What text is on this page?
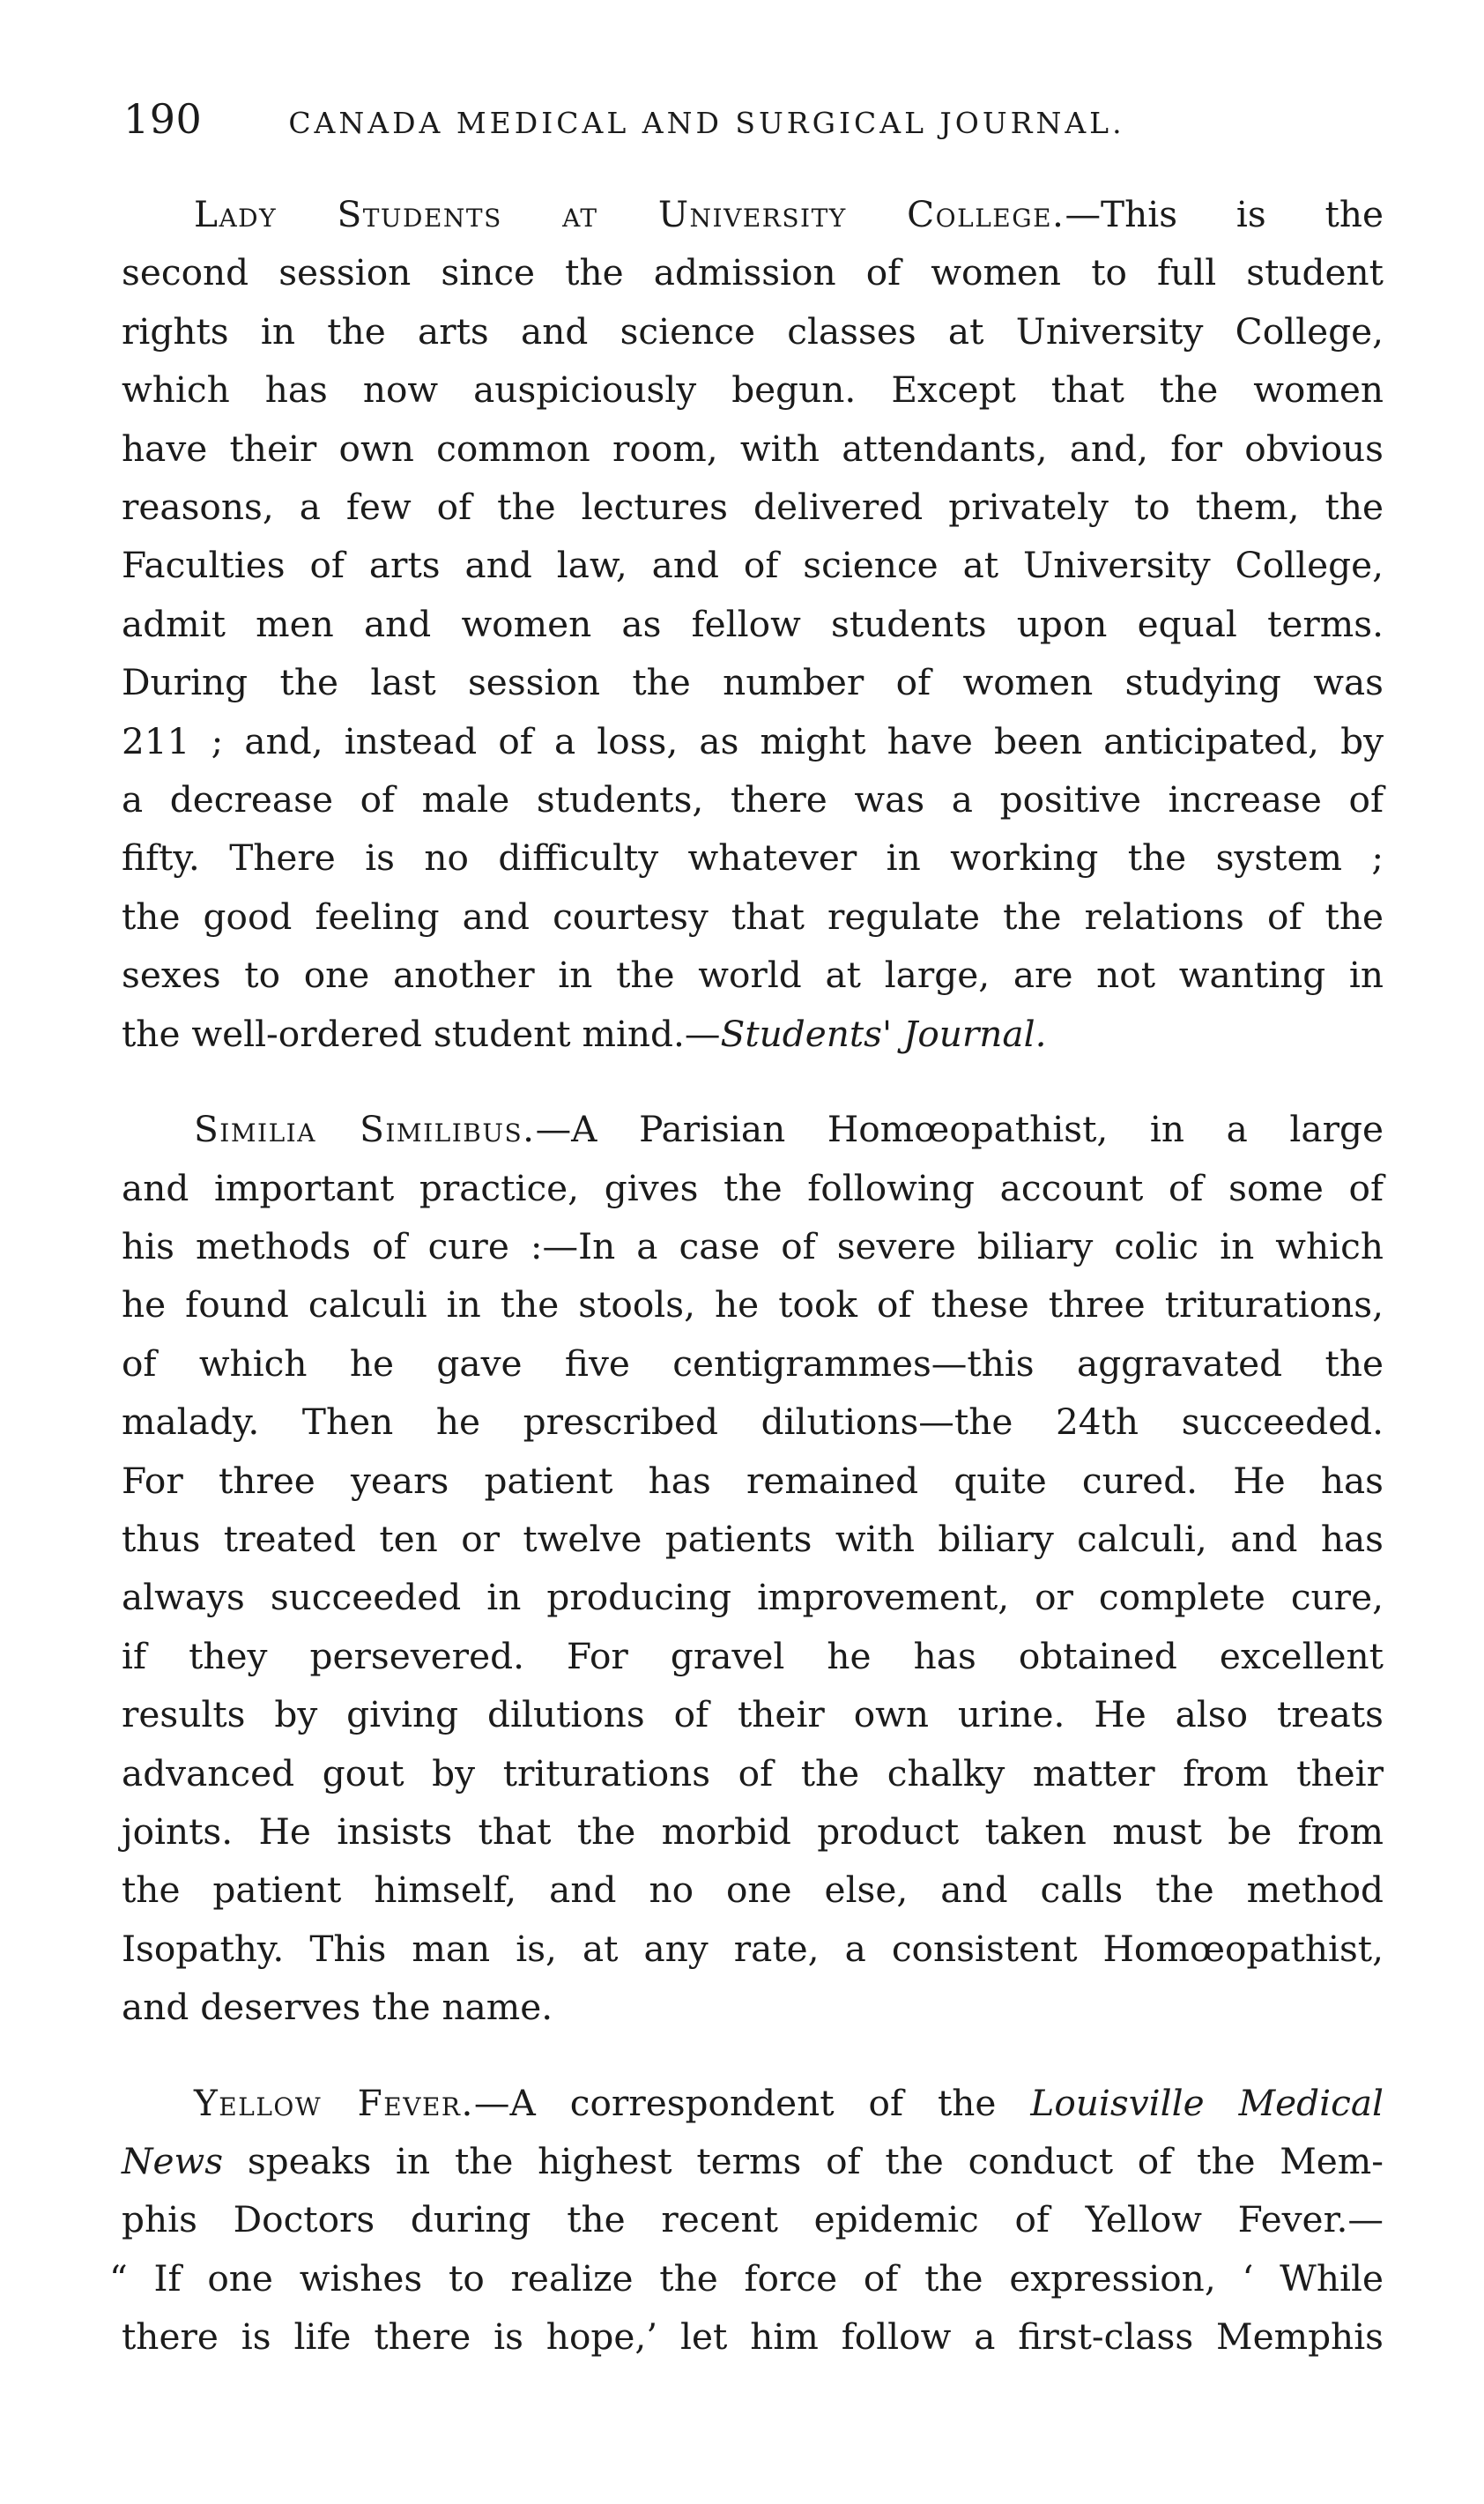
190	CANADA MEDICAL AND SURGICAL JOURNAL.
Lady Students at University College.—This is the
second session since the admission of women to full student
rights in the arts and science classes at University College,
which has now auspiciously begun. Except that the women
have their own common room, with attendants, and, for obvious
reasons, a few of the lectures delivered privately to them, the
Faculties of arts and law, and of science at University College,
admit men and women as fellow students upon equal terms.
During the last session the number of women studying was
211 ; and, instead of a loss, as might have been anticipated, by
a decrease of male students, there was a positive increase of
fifty. There is no difficulty whatever in working the system ;
the good feeling and courtesy that regulate the relations of the
sexes to one another in the world at large, are not wanting in
the well-ordered student mind.—Students' Journal.
Similia Similibus.—A Parisian Homœopathist, in a large
and important practice, gives the following account of some of
his methods of cure :—In a case of severe biliary colic in which
he found calculi in the stools, he took of these three triturations,
of which he gave five centigrammes—this aggravated the
malady. Then he prescribed dilutions—the 24th succeeded.
For three years patient has remained quite cured. He has
thus treated ten or twelve patients with biliary calculi, and has
always succeeded in producing improvement, or complete cure,
if they persevered. For gravel he has obtained excellent
results by giving dilutions of their own urine. He also treats
advanced gout by triturations of the chalky matter from their
joints. He insists that the morbid product taken must be from
the patient himself, and no one else, and calls the method
Isopathy. This man is, at any rate, a consistent Homœopathist,
and deserves the name.
Yellow Fever.—A correspondent of the Louisville Medical
News speaks in the highest terms of the conduct of the Mem-
phis Doctors during the recent epidemic of Yellow Fever.—
“ If one wishes to realize the force of the expression, ‘ While
there is life there is hope,’ let him follow a first-class Memphis
